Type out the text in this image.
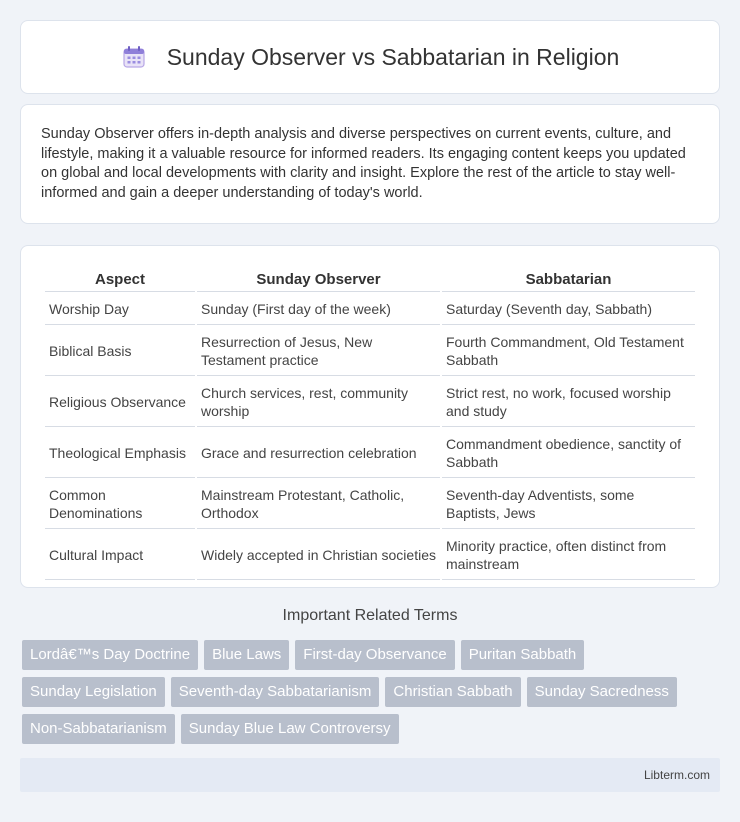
Sunday Observer vs Sabbatarian in Religion

Sunday Observer offers in-depth analysis and diverse perspectives on current events, culture, and lifestyle, making it a valuable resource for informed readers. Its engaging content keeps you updated on global and local developments with clarity and insight. Explore the rest of the article to stay well-informed and gain a deeper understanding of today's world.

Aspect	Sunday Observer	Sabbatarian
Worship Day	Sunday (First day of the week)	Saturday (Seventh day, Sabbath)
Biblical Basis	Resurrection of Jesus, New Testament practice	Fourth Commandment, Old Testament Sabbath
Religious Observance	Church services, rest, community worship	Strict rest, no work, focused worship and study
Theological Emphasis	Grace and resurrection celebration	Commandment obedience, sanctity of Sabbath
Common Denominations	Mainstream Protestant, Catholic, Orthodox	Seventh-day Adventists, some Baptists, Jews
Cultural Impact	Widely accepted in Christian societies	Minority practice, often distinct from mainstream
Important Related Terms
Lordâ€™s Day Doctrine	Blue Laws	First-day Observance	Puritan Sabbath
Sunday Legislation	Seventh-day Sabbatarianism	Christian Sabbath	Sunday Sacredness
Non-Sabbatarianism	Sunday Blue Law Controversy
Libterm.com
